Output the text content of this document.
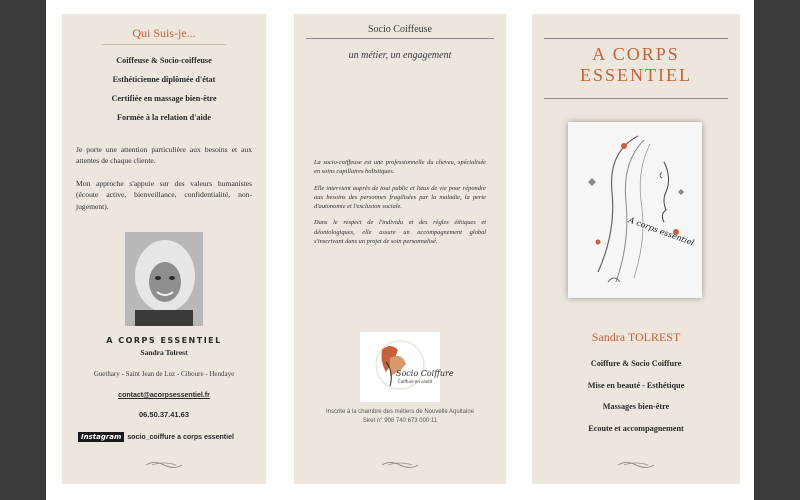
Qui Suis-je...
Coiffeuse & Socio-coiffeuse
Esthéticienne diplômée d'état
Certifiée en massage bien-être
Formée à la relation d'aide
Je porte une attention particulière aux besoins et aux attentes de chaque cliente.
Mon approche s'appuie sur des valeurs humanistes (écoute active, bienveillance, confidentialité, non-jugement).
A CORPS ESSENTIEL
Sandra Tolrest
Guethary - Saint Jean de Luz - Ciboure - Hendaye
contact@acorpsessentiel.fr
06.50.37.41.63
Instagram socio_coiffure a corps essentiel
Socio Coiffeuse
un métier, un engagement

La socio-coiffeuse est une professionnelle du cheveu, spécialisée en soins capillaires holistiques.

Elle intervient auprès de tout public et lieux de vie pour répondre aux besoins des personnes fragilisées par la maladie, la perte d'autonomie et l'exclusion sociale.

Dans le respect de l'individu et des règles éthiques et déontologiques, elle assure un accompagnement global s'inscrivant dans un projet de soin personnalisé.

Socio Coiffure
Coiffure en santé
Inscrite à la chambre des métiers de Nouvelle Aquitaine
Siret n° 908 740 673 000 11
A CORPS
ESSENTIEL
A corps essentiel
Sandra TOLREST
Coiffure & Socio Coiffure
Mise en beauté - Esthétique
Massages bien-être
Ecoute et accompagnement
